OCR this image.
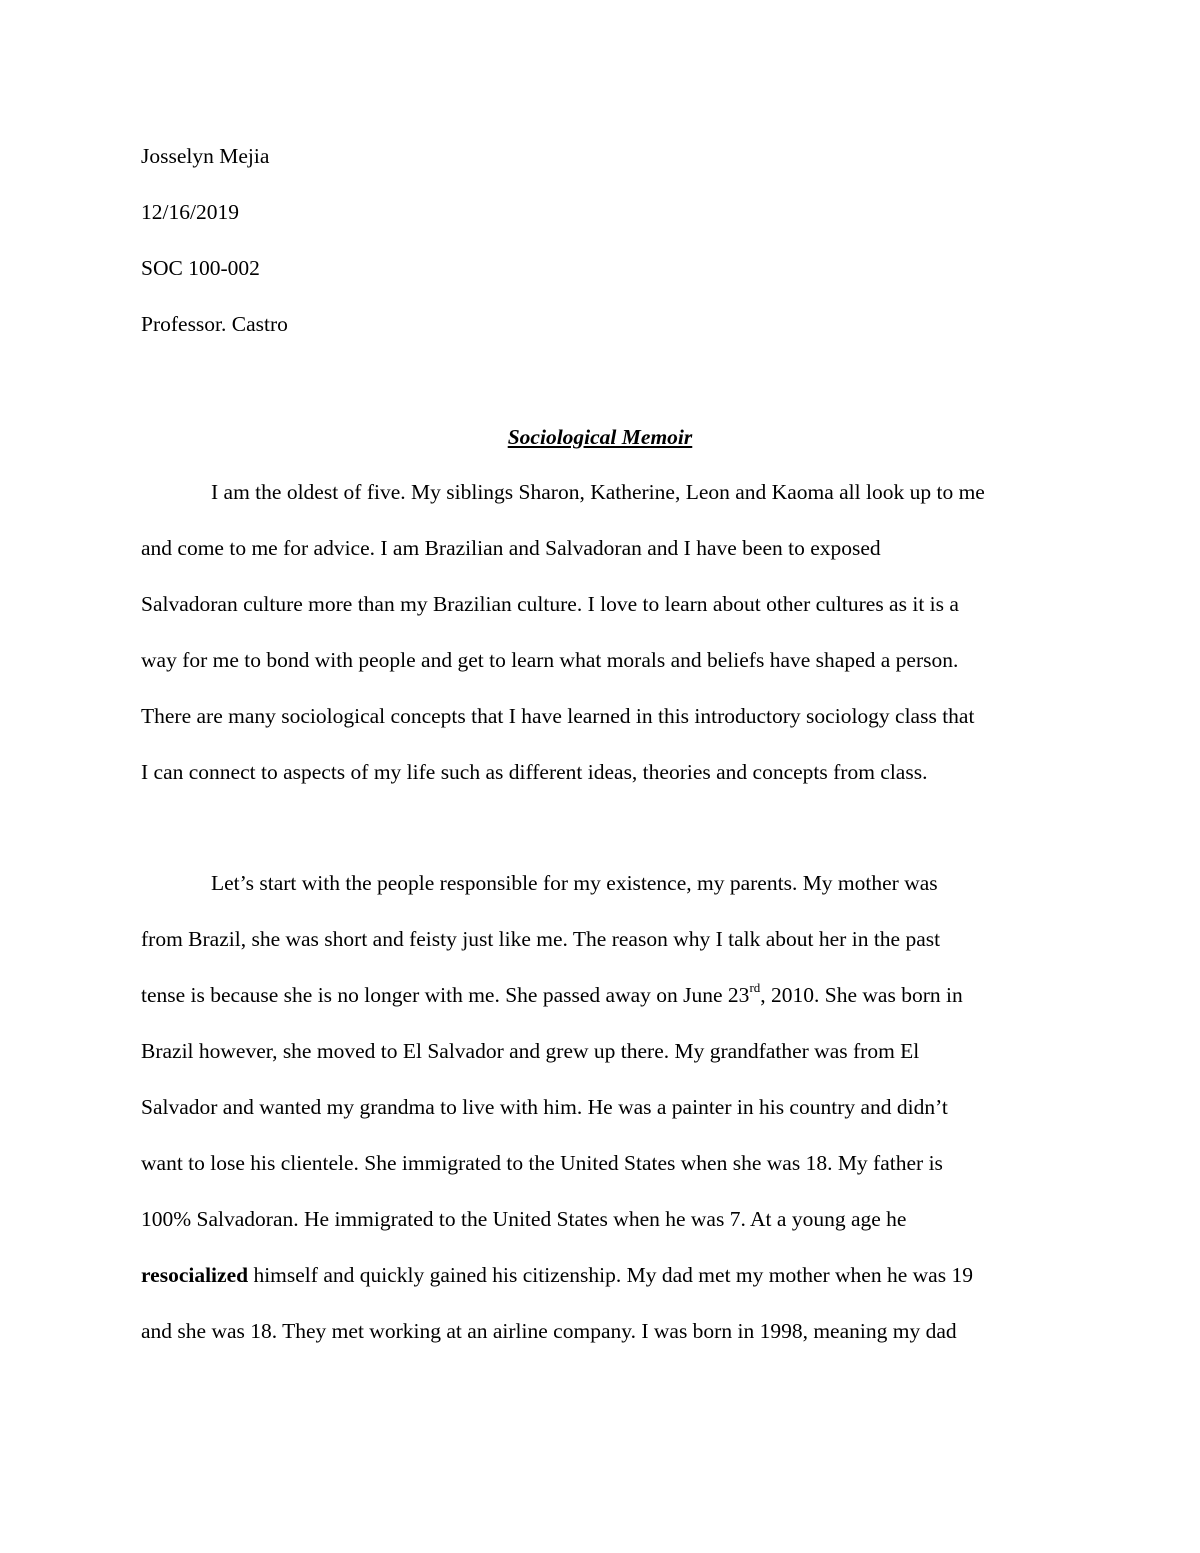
Josselyn Mejia
12/16/2019
SOC 100-002
Professor. Castro
Sociological Memoir
I am the oldest of five. My siblings Sharon, Katherine, Leon and Kaoma all look up to me
and come to me for advice. I am Brazilian and Salvadoran and I have been to exposed
Salvadoran culture more than my Brazilian culture. I love to learn about other cultures as it is a
way for me to bond with people and get to learn what morals and beliefs have shaped a person.
There are many sociological concepts that I have learned in this introductory sociology class that
I can connect to aspects of my life such as different ideas, theories and concepts from class.
Let’s start with the people responsible for my existence, my parents. My mother was
from Brazil, she was short and feisty just like me. The reason why I talk about her in the past
tense is because she is no longer with me. She passed away on June 23rd, 2010. She was born in
Brazil however, she moved to El Salvador and grew up there. My grandfather was from El
Salvador and wanted my grandma to live with him. He was a painter in his country and didn’t
want to lose his clientele. She immigrated to the United States when she was 18. My father is
100% Salvadoran. He immigrated to the United States when he was 7. At a young age he
resocialized himself and quickly gained his citizenship. My dad met my mother when he was 19
and she was 18. They met working at an airline company. I was born in 1998, meaning my dad
